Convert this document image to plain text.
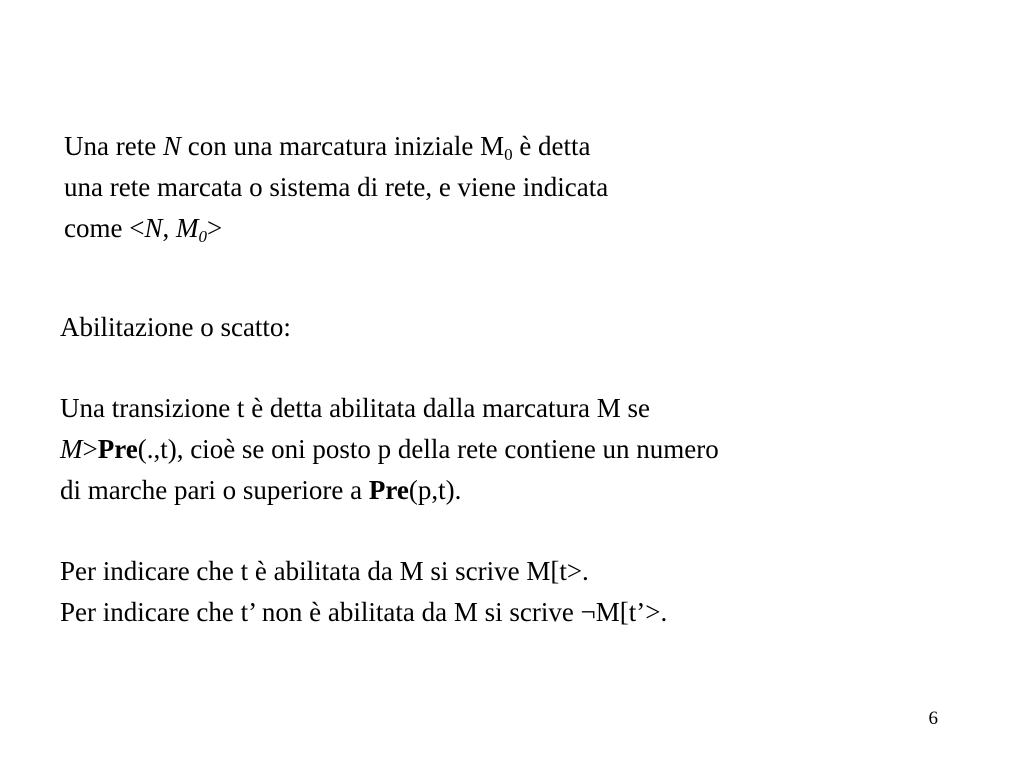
Una rete N con una marcatura iniziale $M_0$ è detta
una rete marcata o sistema di rete, e viene indicata
come <N, $M_0>$
Abilitazione o scatto:
Una transizione t è detta abilitata dalla marcatura M se
M>Pre(.,t), cioè se oni posto p della rete contiene un numero
di marche pari o superiore a Pre(p,t).
Per indicare che t è abilitata da M si scrive M[t>.
Per indicare che t’ non è abilitata da M si scrive ¬M[t’>.
6
